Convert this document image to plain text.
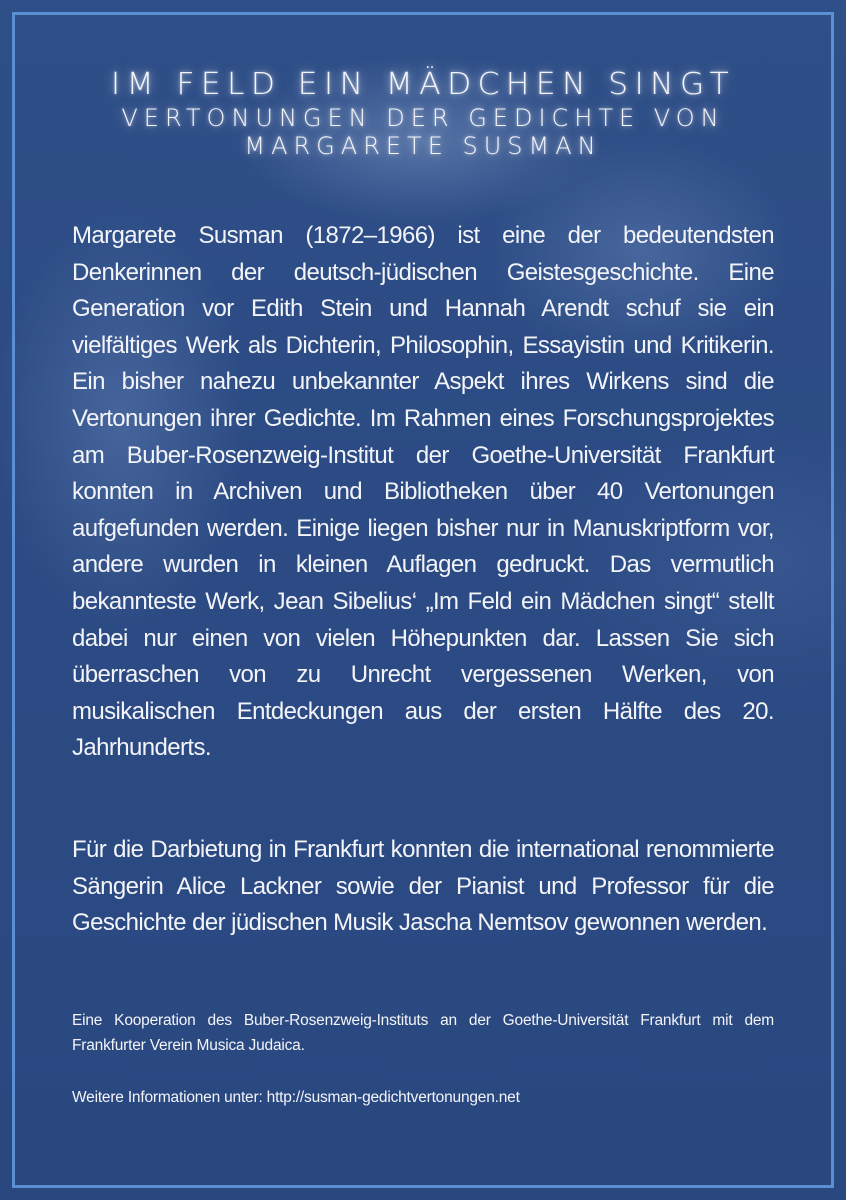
IM FELD EIN MÄDCHEN SINGT
VERTONUNGEN DER GEDICHTE VON
MARGARETE SUSMAN

Margarete Susman (1872–1966) ist eine der bedeutendsten Denkerinnen der deutsch-jüdischen Geistesgeschichte. Eine Generation vor Edith Stein und Hannah Arendt schuf sie ein vielfältiges Werk als Dichterin, Philosophin, Essayistin und Kritikerin. Ein bisher nahezu unbekannter Aspekt ihres Wirkens sind die Vertonungen ihrer Gedichte. Im Rahmen eines Forschungsprojektes am Buber-Rosenzweig-Institut der Goethe-Universität Frankfurt konnten in Archiven und Bibliotheken über 40 Vertonungen aufgefunden werden. Einige liegen bisher nur in Manuskriptform vor, andere wurden in kleinen Auflagen gedruckt. Das vermutlich bekannteste Werk, Jean Sibelius‘ „Im Feld ein Mädchen singt“ stellt dabei nur einen von vielen Höhepunkten dar. Lassen Sie sich überraschen von zu Unrecht vergessenen Werken, von musikalischen Entdeckungen aus der ersten Hälfte des 20. Jahrhunderts.

Für die Darbietung in Frankfurt konnten die international renommierte Sängerin Alice Lackner sowie der Pianist und Professor für die Geschichte der jüdischen Musik Jascha Nemtsov gewonnen werden.

Eine Kooperation des Buber-Rosenzweig-Instituts an der Goethe-Universität Frankfurt mit dem Frankfurter Verein Musica Judaica.

Weitere Informationen unter: http://susman-gedichtvertonungen.net
